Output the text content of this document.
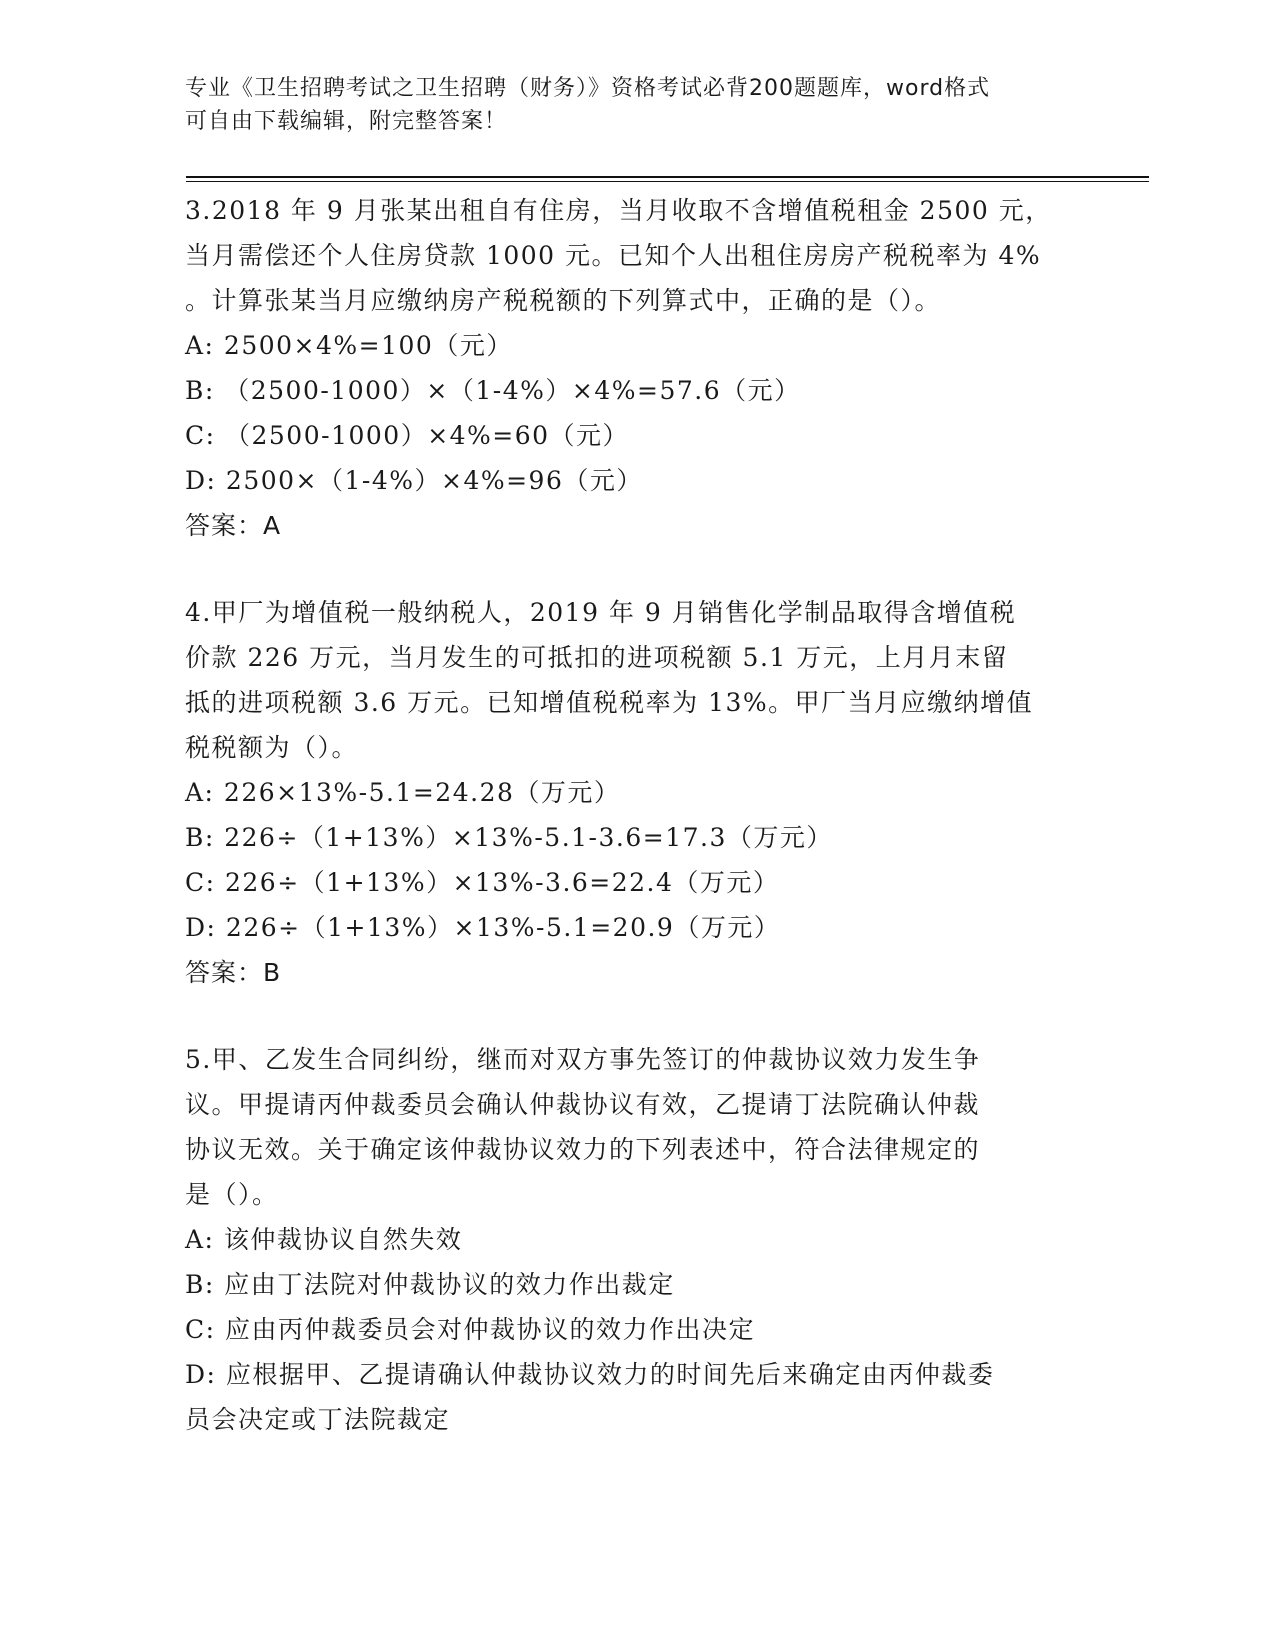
专业《卫生招聘考试之卫生招聘（财务）》资格考试必背200题题库，word格式
可自由下载编辑，附完整答案！
3.2018 年 9 月张某出租自有住房，当月收取不含增值税租金 2500 元，
当月需偿还个人住房贷款 1000 元。已知个人出租住房房产税税率为 4%
。计算张某当月应缴纳房产税税额的下列算式中，正确的是（）。
A: 2500×4%=100（元）
B: （2500-1000）×（1-4%）×4%=57.6（元）
C: （2500-1000）×4%=60（元）
D: 2500×（1-4%）×4%=96（元）
答案：A
4.甲厂为增值税一般纳税人，2019 年 9 月销售化学制品取得含增值税
价款 226 万元，当月发生的可抵扣的进项税额 5.1 万元，上月月末留
抵的进项税额 3.6 万元。已知增值税税率为 13%。甲厂当月应缴纳增值
税税额为（）。
A: 226×13%-5.1=24.28（万元）
B: 226÷（1+13%）×13%-5.1-3.6=17.3（万元）
C: 226÷（1+13%）×13%-3.6=22.4（万元）
D: 226÷（1+13%）×13%-5.1=20.9（万元）
答案：B
5.甲、乙发生合同纠纷，继而对双方事先签订的仲裁协议效力发生争
议。甲提请丙仲裁委员会确认仲裁协议有效，乙提请丁法院确认仲裁
协议无效。关于确定该仲裁协议效力的下列表述中，符合法律规定的
是（）。
A: 该仲裁协议自然失效
B: 应由丁法院对仲裁协议的效力作出裁定
C: 应由丙仲裁委员会对仲裁协议的效力作出决定
D: 应根据甲、乙提请确认仲裁协议效力的时间先后来确定由丙仲裁委
员会决定或丁法院裁定
